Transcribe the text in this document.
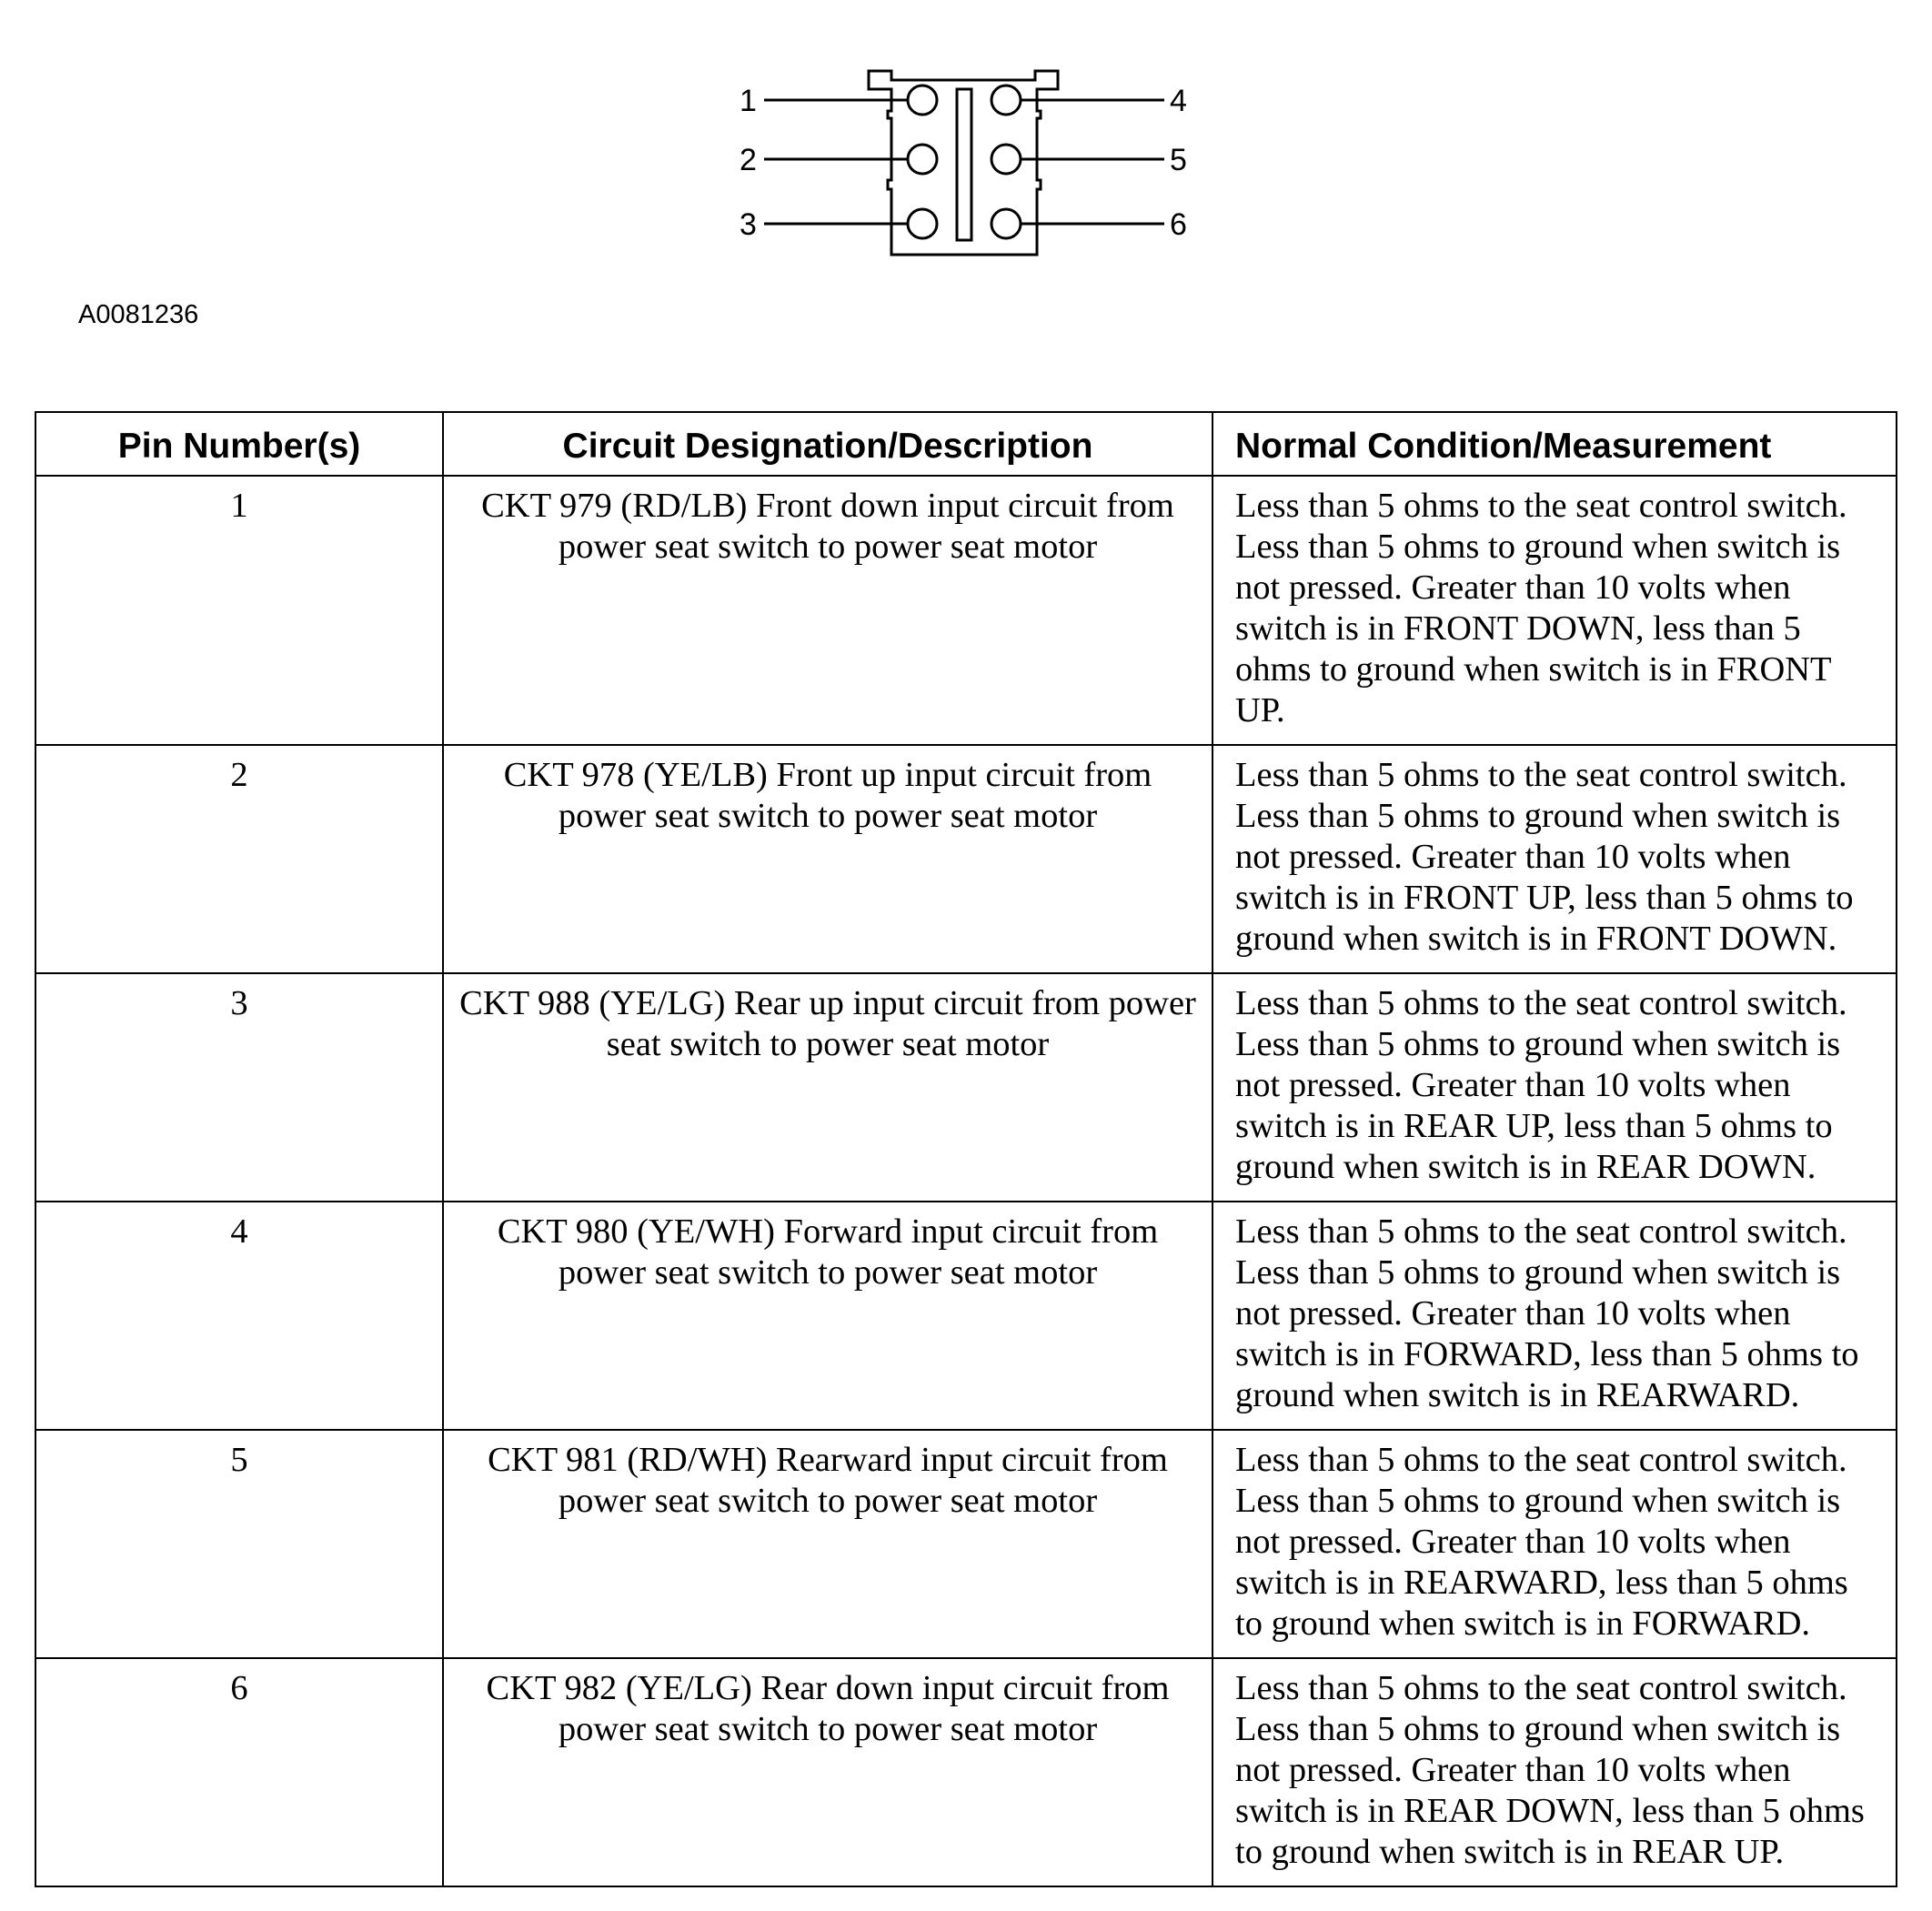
1
2
3
4
5
6
A0081236
Pin Number(s)	Circuit Designation/Description	Normal Condition/Measurement
1	CKT 979 (RD/LB) Front down input circuit from power seat switch to power seat motor	Less than 5 ohms to the seat control switch. Less than 5 ohms to ground when switch is not pressed. Greater than 10 volts when switch is in FRONT DOWN, less than 5 ohms to ground when switch is in FRONT UP.
2	CKT 978 (YE/LB) Front up input circuit from power seat switch to power seat motor	Less than 5 ohms to the seat control switch. Less than 5 ohms to ground when switch is not pressed. Greater than 10 volts when switch is in FRONT UP, less than 5 ohms to ground when switch is in FRONT DOWN.
3	CKT 988 (YE/LG) Rear up input circuit from power seat switch to power seat motor	Less than 5 ohms to the seat control switch. Less than 5 ohms to ground when switch is not pressed. Greater than 10 volts when switch is in REAR UP, less than 5 ohms to ground when switch is in REAR DOWN.
4	CKT 980 (YE/WH) Forward input circuit from power seat switch to power seat motor	Less than 5 ohms to the seat control switch. Less than 5 ohms to ground when switch is not pressed. Greater than 10 volts when switch is in FORWARD, less than 5 ohms to ground when switch is in REARWARD.
5	CKT 981 (RD/WH) Rearward input circuit from power seat switch to power seat motor	Less than 5 ohms to the seat control switch. Less than 5 ohms to ground when switch is not pressed. Greater than 10 volts when switch is in REARWARD, less than 5 ohms to ground when switch is in FORWARD.
6	CKT 982 (YE/LG) Rear down input circuit from power seat switch to power seat motor	Less than 5 ohms to the seat control switch. Less than 5 ohms to ground when switch is not pressed. Greater than 10 volts when switch is in REAR DOWN, less than 5 ohms to ground when switch is in REAR UP.
